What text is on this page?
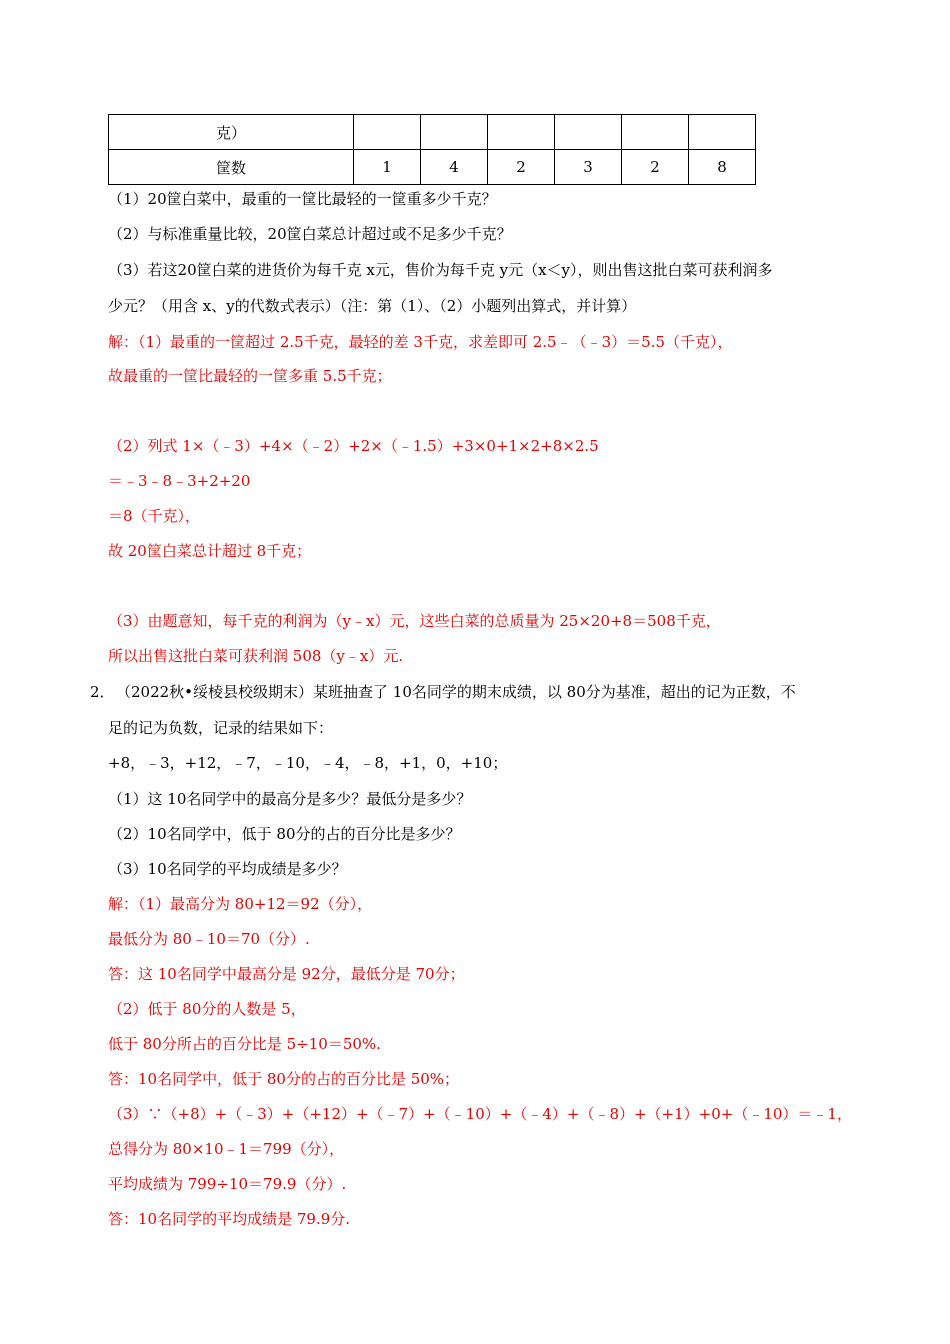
克）						
筐数	1	4	2	3	2	8
（1）20筐白菜中，最重的一筐比最轻的一筐重多少千克？
（2）与标准重量比较，20筐白菜总计超过或不足多少千克？
（3）若这20筐白菜的进货价为每千克 x元，售价为每千克 y元（x＜y），则出售这批白菜可获利润多
少元？（用含 x、y的代数式表示）（注：第（1）、（2）小题列出算式，并计算）
解：（1）最重的一筐超过 2.5千克，最轻的差 3千克，求差即可 2.5﹣（﹣3）＝5.5（千克），
故最重的一筐比最轻的一筐多重 5.5千克；
（2）列式 1×（﹣3）+4×（﹣2）+2×（﹣1.5）+3×0+1×2+8×2.5
＝﹣3﹣8﹣3+2+20
＝8（千克），
故 20筐白菜总计超过 8千克；
（3）由题意知，每千克的利润为（y﹣x）元，这些白菜的总质量为 25×20+8＝508千克，
所以出售这批白菜可获利润 508（y﹣x）元.
2． （2022秋•绥棱县校级期末）某班抽查了 10名同学的期末成绩，以 80分为基准，超出的记为正数，不
足的记为负数，记录的结果如下：
+8，﹣3，+12，﹣7，﹣10，﹣4，﹣8，+1，0，+10；
（1）这 10名同学中的最高分是多少？最低分是多少？
（2）10名同学中，低于 80分的占的百分比是多少？
（3）10名同学的平均成绩是多少？
解：（1）最高分为 80+12＝92（分），
最低分为 80﹣10＝70（分）.
答：这 10名同学中最高分是 92分，最低分是 70分；
（2）低于 80分的人数是 5，
低于 80分所占的百分比是 5÷10＝50%.
答：10名同学中，低于 80分的占的百分比是 50%；
（3）∵（+8）+（﹣3）+（+12）+（﹣7）+（﹣10）+（﹣4）+（﹣8）+（+1）+0+（﹣10）＝﹣1，
总得分为 80×10﹣1＝799（分），
平均成绩为 799÷10＝79.9（分）.
答：10名同学的平均成绩是 79.9分.
